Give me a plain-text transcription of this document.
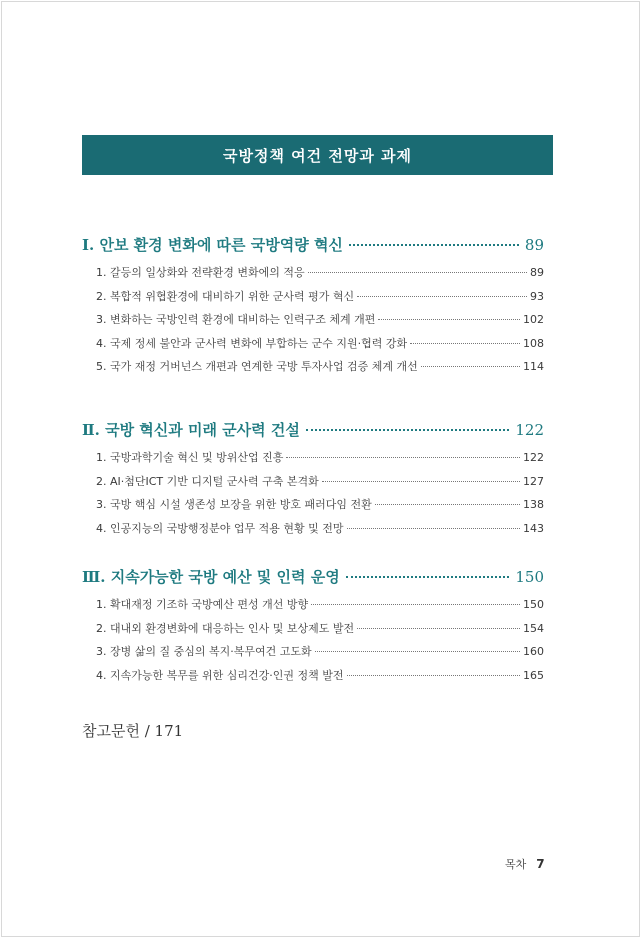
국방정책 여건 전망과 과제
Ⅰ. 안보 환경 변화에 따른 국방역량 혁신	89
1. 갈등의 일상화와 전략환경 변화에의 적응	89
2. 복합적 위협환경에 대비하기 위한 군사력 평가 혁신	93
3. 변화하는 국방인력 환경에 대비하는 인력구조 체계 개편	102
4. 국제 정세 불안과 군사력 변화에 부합하는 군수 지원·협력 강화	108
5. 국가 재정 거버넌스 개편과 연계한 국방 투자사업 검증 체계 개선	114
Ⅱ. 국방 혁신과 미래 군사력 건설	122
1. 국방과학기술 혁신 및 방위산업 진흥	122
2. AI·첨단ICT 기반 디지털 군사력 구축 본격화	127
3. 국방 핵심 시설 생존성 보장을 위한 방호 패러다임 전환	138
4. 인공지능의 국방행정분야 업무 적용 현황 및 전망	143
Ⅲ. 지속가능한 국방 예산 및 인력 운영	150
1. 확대재정 기조하 국방예산 편성 개선 방향	150
2. 대내외 환경변화에 대응하는 인사 및 보상제도 발전	154
3. 장병 삶의 질 중심의 복지·복무여건 고도화	160
4. 지속가능한 복무를 위한 심리건강·인권 정책 발전	165
참고문헌 / 171
목차 7
